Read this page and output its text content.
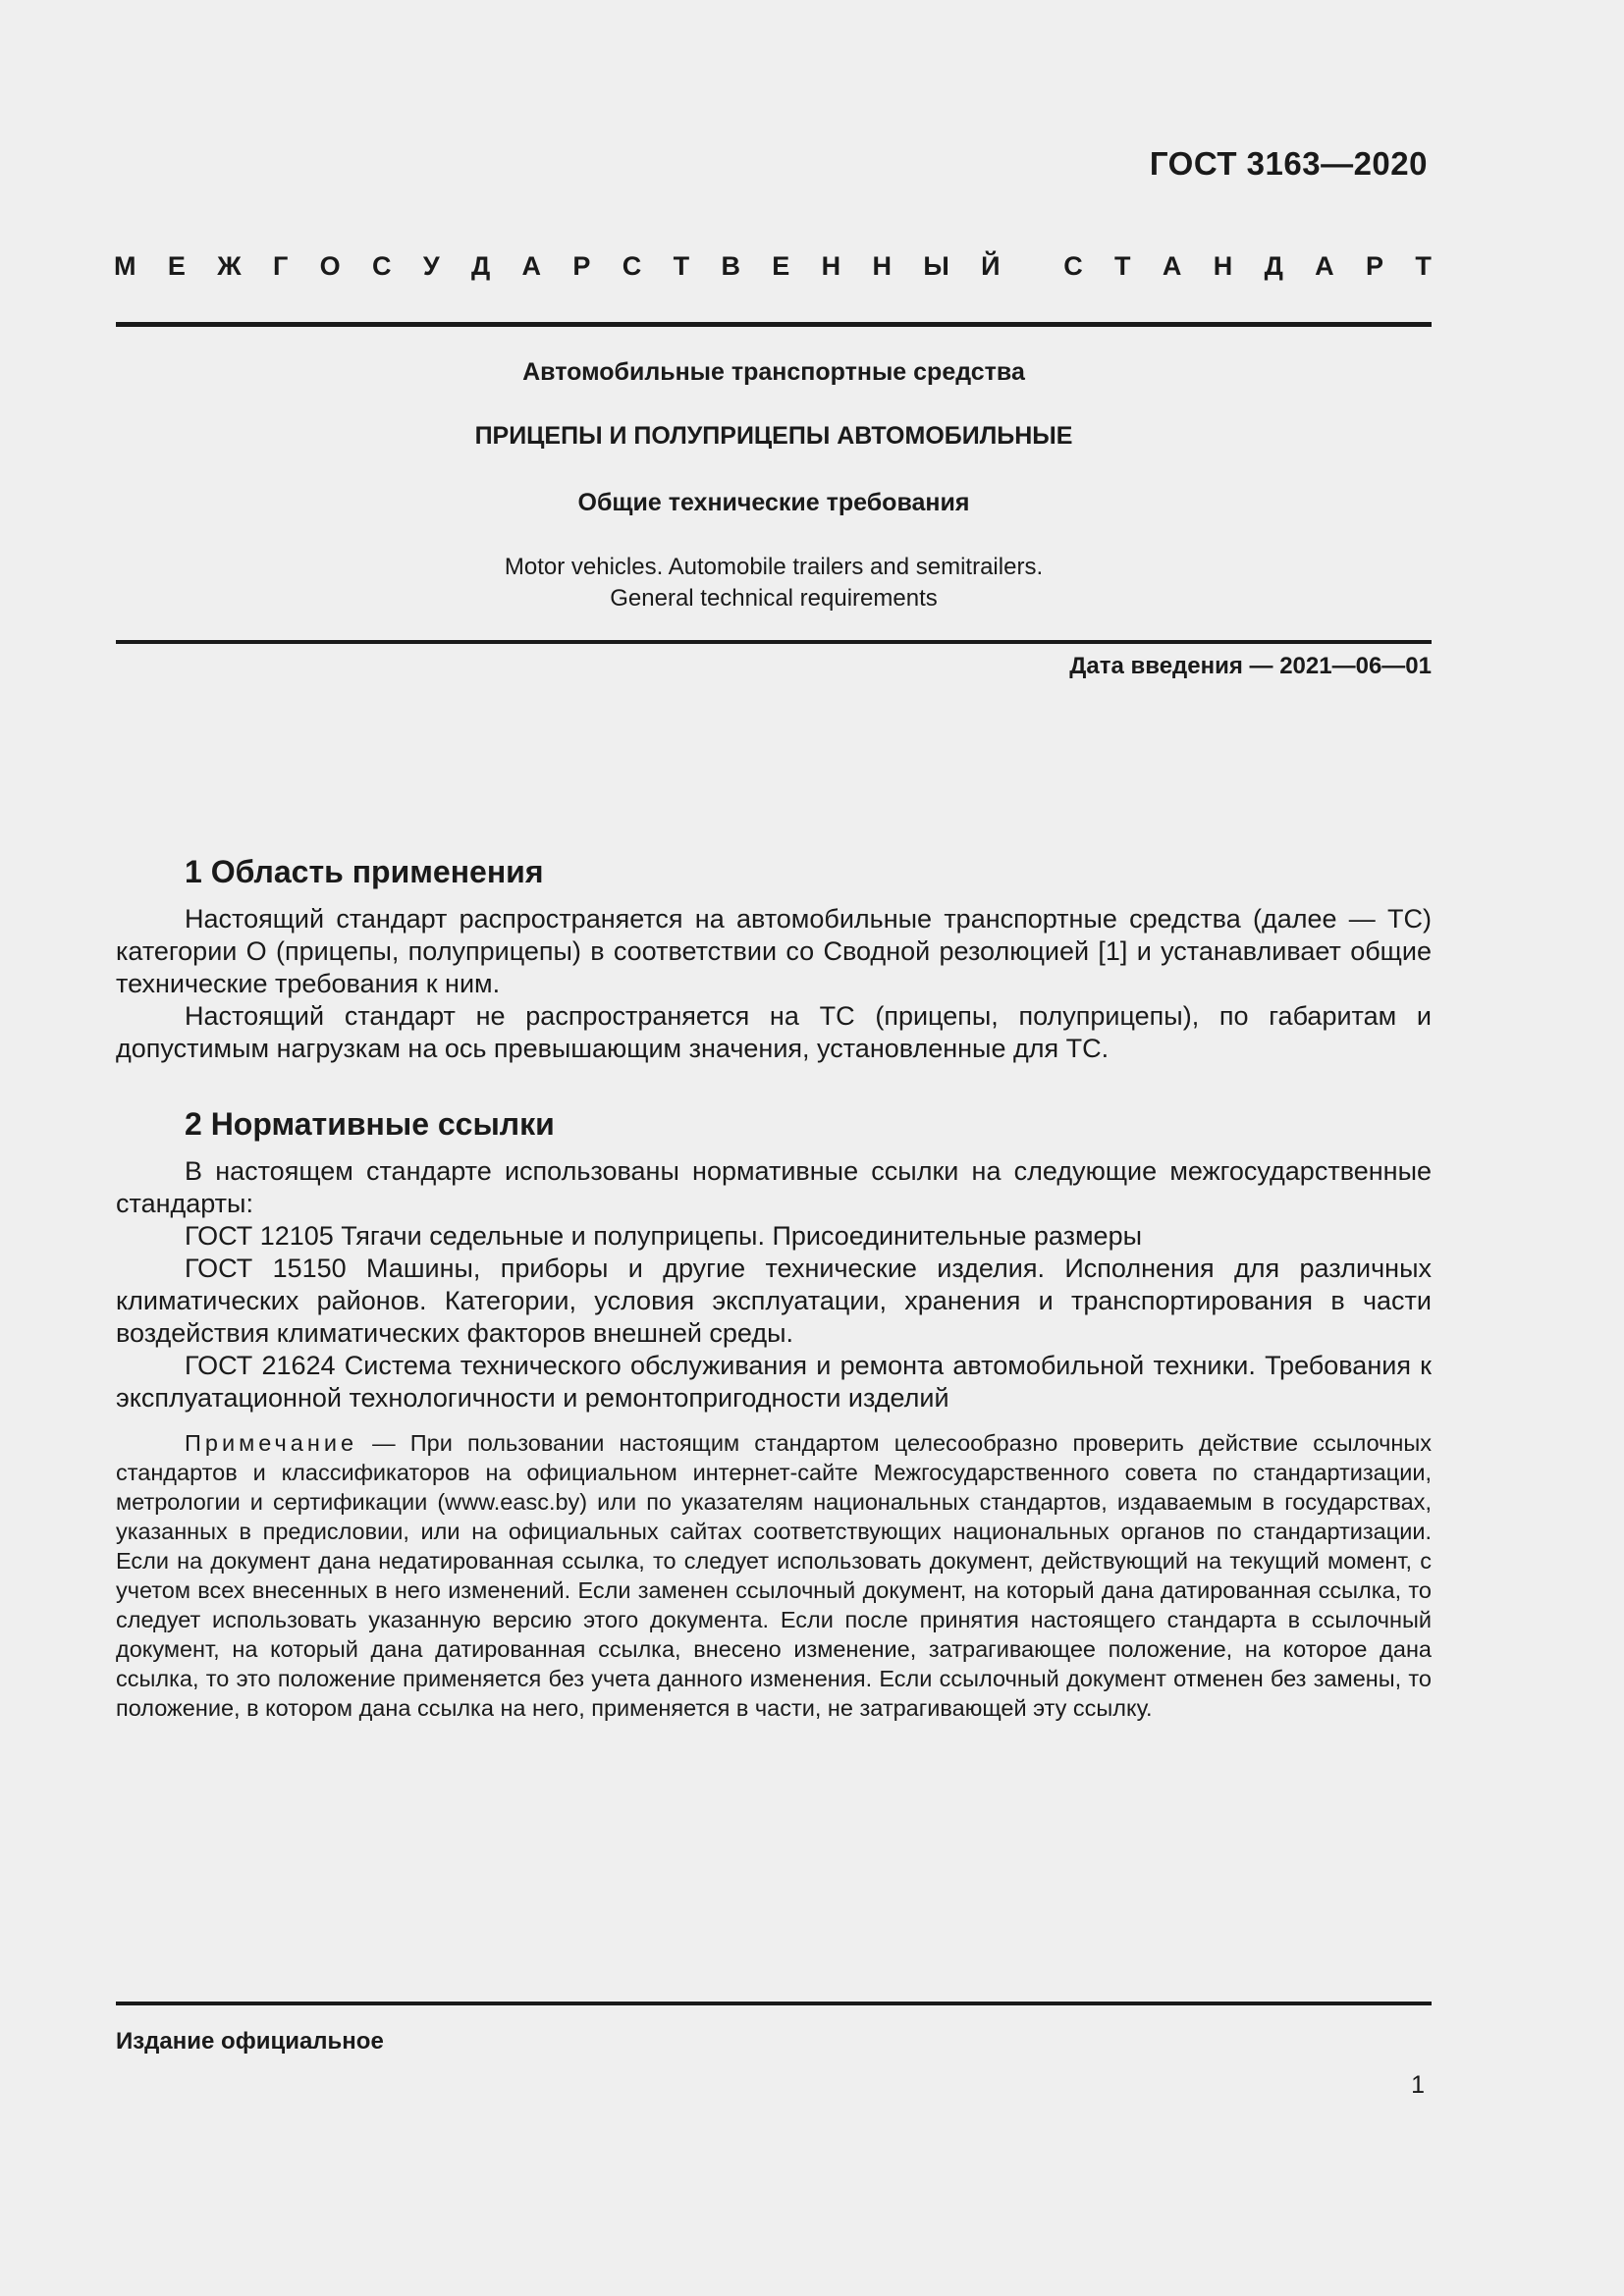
ГОСТ 3163—2020
М Е Ж Г О С У Д А Р С Т В Е Н Н Ы Й С Т А Н Д А Р Т
Автомобильные транспортные средства
ПРИЦЕПЫ И ПОЛУПРИЦЕПЫ АВТОМОБИЛЬНЫЕ
Общие технические требования
Motor vehicles. Automobile trailers and semitrailers.
General technical requirements
Дата введения — 2021—06—01
1 Область применения

Настоящий стандарт распространяется на автомобильные транспортные средства (далее — ТС) категории О (прицепы, полуприцепы) в соответствии со Сводной резолюцией [1] и устанавливает общие технические требования к ним.

Настоящий стандарт не распространяется на ТС (прицепы, полуприцепы), по габаритам и допустимым нагрузкам на ось превышающим значения, установленные для ТС.

2 Нормативные ссылки

В настоящем стандарте использованы нормативные ссылки на следующие межгосударственные стандарты:

ГОСТ 12105 Тягачи седельные и полуприцепы. Присоединительные размеры

ГОСТ 15150 Машины, приборы и другие технические изделия. Исполнения для различных климатических районов. Категории, условия эксплуатации, хранения и транспортирования в части воздействия климатических факторов внешней среды.

ГОСТ 21624 Система технического обслуживания и ремонта автомобильной техники. Требования к эксплуатационной технологичности и ремонтопригодности изделий

Примечание — При пользовании настоящим стандартом целесообразно проверить действие ссылочных стандартов и классификаторов на официальном интернет-сайте Межгосударственного совета по стандартизации, метрологии и сертификации (www.easc.by) или по указателям национальных стандартов, издаваемым в государствах, указанных в предисловии, или на официальных сайтах соответствующих национальных органов по стандартизации. Если на документ дана недатированная ссылка, то следует использовать документ, действующий на текущий момент, с учетом всех внесенных в него изменений. Если заменен ссылочный документ, на который дана датированная ссылка, то следует использовать указанную версию этого документа. Если после принятия настоящего стандарта в ссылочный документ, на который дана датированная ссылка, внесено изменение, затрагивающее положение, на которое дана ссылка, то это положение применяется без учета данного изменения. Если ссылочный документ отменен без замены, то положение, в котором дана ссылка на него, применяется в части, не затрагивающей эту ссылку.

Издание официальное
1
